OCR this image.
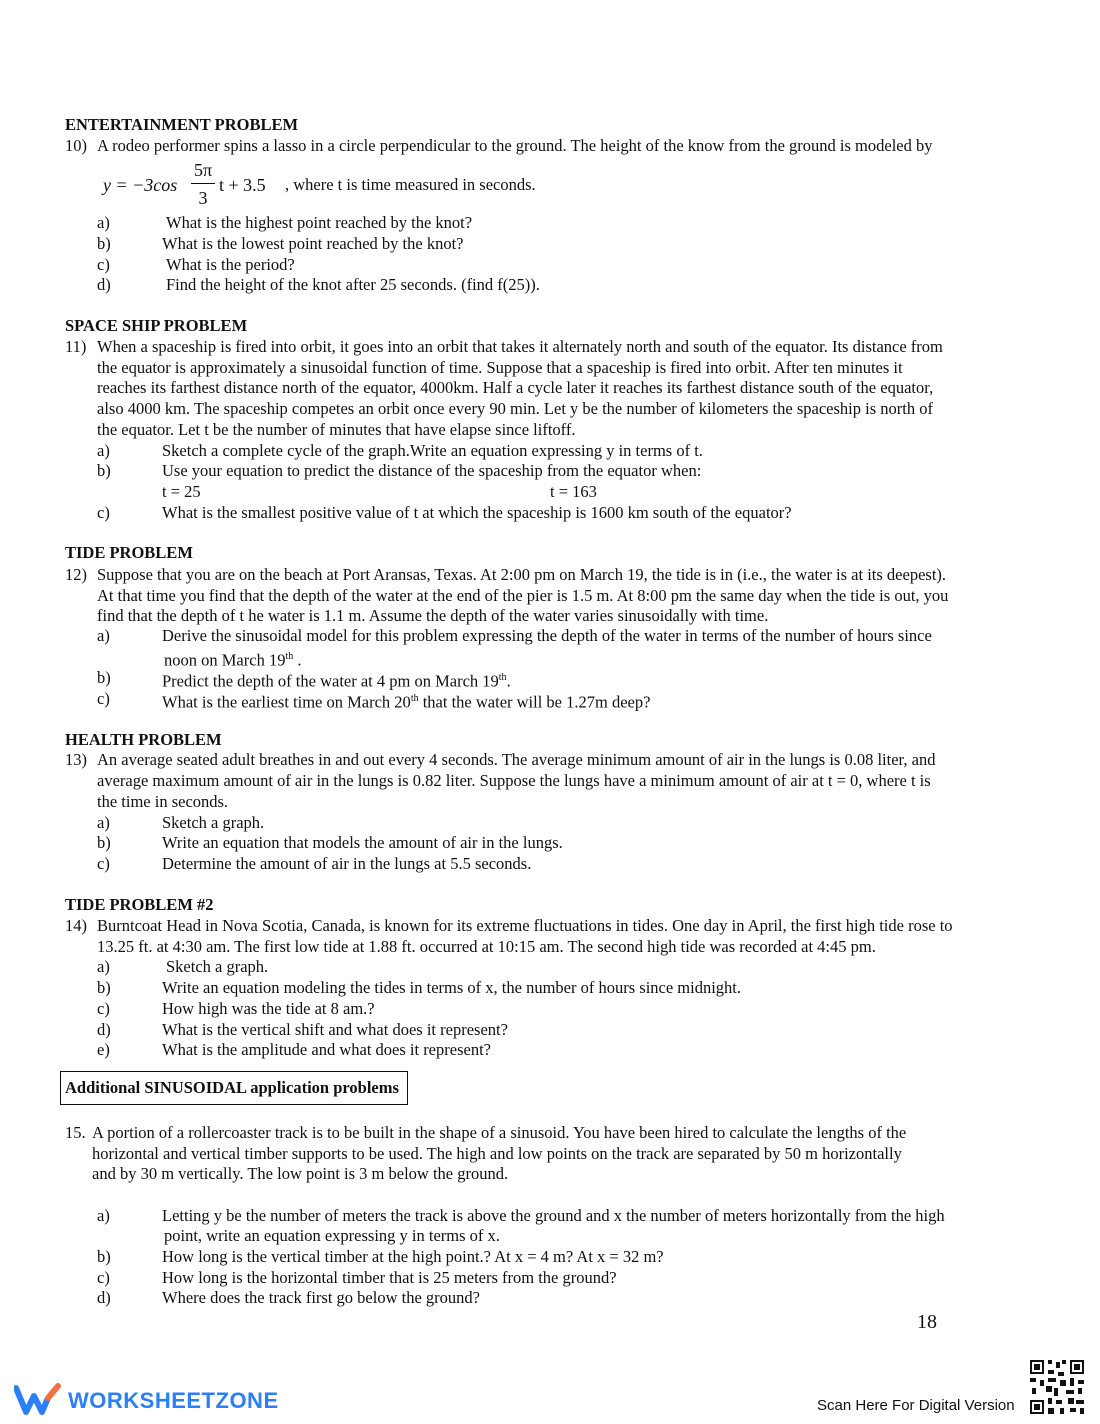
ENTERTAINMENT PROBLEM
10) A rodeo performer spins a lasso in a circle perpendicular to the ground. The height of the know from the ground is modeled by
y = −3cos
5π
3
t + 3.5 , where t is time measured in seconds.
a)	What is the highest point reached by the knot?
b)	What is the lowest point reached by the knot?
c)	What is the period?
d)	Find the height of the knot after 25 seconds. (find f(25)).
SPACE SHIP PROBLEM
11) When a spaceship is fired into orbit, it goes into an orbit that takes it alternately north and south of the equator. Its distance from
the equator is approximately a sinusoidal function of time. Suppose that a spaceship is fired into orbit. After ten minutes it
reaches its farthest distance north of the equator, 4000km. Half a cycle later it reaches its farthest distance south of the equator,
also 4000 km. The spaceship competes an orbit once every 90 min. Let y be the number of kilometers the spaceship is north of
the equator. Let t be the number of minutes that have elapse since liftoff.
a)	Sketch a complete cycle of the graph.Write an equation expressing y in terms of t.
b)	Use your equation to predict the distance of the spaceship from the equator when:
t = 25	t = 163
c)	What is the smallest positive value of t at which the spaceship is 1600 km south of the equator?
TIDE PROBLEM
12) Suppose that you are on the beach at Port Aransas, Texas. At 2:00 pm on March 19, the tide is in (i.e., the water is at its deepest).
At that time you find that the depth of the water at the end of the pier is 1.5 m. At 8:00 pm the same day when the tide is out, you
find that the depth of t he water is 1.1 m. Assume the depth of the water varies sinusoidally with time.
a)	Derive the sinusoidal model for this problem expressing the depth of the water in terms of the number of hours since
noon on March 19th .
b)	Predict the depth of the water at 4 pm on March 19th.
c)	What is the earliest time on March 20th that the water will be 1.27m deep?
HEALTH PROBLEM
13) An average seated adult breathes in and out every 4 seconds. The average minimum amount of air in the lungs is 0.08 liter, and
average maximum amount of air in the lungs is 0.82 liter. Suppose the lungs have a minimum amount of air at t = 0, where t is
the time in seconds.
a)	Sketch a graph.
b)	Write an equation that models the amount of air in the lungs.
c)	Determine the amount of air in the lungs at 5.5 seconds.
TIDE PROBLEM #2
14) Burntcoat Head in Nova Scotia, Canada, is known for its extreme fluctuations in tides. One day in April, the first high tide rose to
13.25 ft. at 4:30 am. The first low tide at 1.88 ft. occurred at 10:15 am. The second high tide was recorded at 4:45 pm.
a)	Sketch a graph.
b)	Write an equation modeling the tides in terms of x, the number of hours since midnight.
c)	How high was the tide at 8 am.?
d)	What is the vertical shift and what does it represent?
e)	What is the amplitude and what does it represent?
Additional SINUSOIDAL application problems
15. A portion of a rollercoaster track is to be built in the shape of a sinusoid. You have been hired to calculate the lengths of the
horizontal and vertical timber supports to be used. The high and low points on the track are separated by 50 m horizontally
and by 30 m vertically. The low point is 3 m below the ground.
a)	Letting y be the number of meters the track is above the ground and x the number of meters horizontally from the high
point, write an equation expressing y in terms of x.
b)	How long is the vertical timber at the high point.? At x = 4 m? At x = 32 m?
c)	How long is the horizontal timber that is 25 meters from the ground?
d)	Where does the track first go below the ground?
18
WORKSHEETZONE	Scan Here For Digital Version
